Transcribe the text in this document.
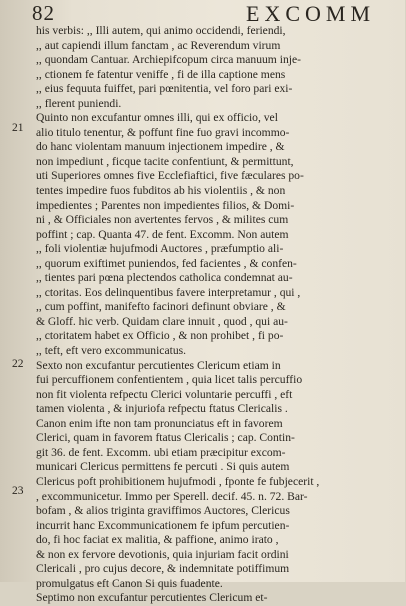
82	EXCOMM
21
22
23
his verbis: ,, Illi autem, qui animo occidendi, feriendi,
,, aut capiendi illum fanctam , ac Reverendum virum
,, quondam Cantuar. Archiepifcopum circa manuum inje-
,, ctionem fe fatentur veniffe , fi de illa captione mens
,, eius fequuta fuiffet, pari pœnitentia, vel foro pari exi-
,, flerent puniendi.
Quinto non excufantur omnes illi, qui ex officio, vel
alio titulo tenentur, & poffunt fine fuo gravi incommo-
do hanc violentam manuum injectionem impedire , &
non impediunt , ficque tacite confentiunt, & permittunt,
uti Superiores omnes five Ecclefiaftici, five fæculares po-
tentes impedire fuos fubditos ab his violentiis , & non
impedientes ; Parentes non impedientes filios, & Domi-
ni , & Officiales non avertentes fervos , & milites cum
poffint ; cap. Quanta 47. de fent. Excomm. Non autem
,, foli violentiæ hujufmodi Auctores , præfumptio ali-
,, quorum exiftimet puniendos, fed facientes , & confen-
,, tientes pari pœna plectendos catholica condemnat au-
,, ctoritas. Eos delinquentibus favere interpretamur , qui ,
,, cum poffint, manifefto facinori definunt obviare , &
& Gloff. hic verb. Quidam clare innuit , quod , qui au-
,, ctoritatem habet ex Officio , & non prohibet , fi po-
,, teft, eft vero excommunicatus.
Sexto non excufantur percutientes Clericum etiam in
fui percuffionem confentientem , quia licet talis percuffio
non fit violenta refpectu Clerici voluntarie percuffi , eft
tamen violenta , & injuriofa refpectu ftatus Clericalis .
Canon enim ifte non tam pronunciatus eft in favorem
Clerici, quam in favorem ftatus Clericalis ; cap. Contin-
git 36. de fent. Excomm. ubi etiam præcipitur excom-
municari Clericus permittens fe percuti . Si quis autem
Clericus poft prohibitionem hujufmodi , fponte fe fubjecerit ,
, excommunicetur. Immo per Sperell. decif. 45. n. 72. Bar-
bofam , & alios triginta graviffimos Auctores, Clericus
incurrit hanc Excommunicationem fe ipfum percutien-
do, fi hoc faciat ex malitia, & paffione, animo irato ,
& non ex fervore devotionis, quia injuriam facit ordini
Clericali , pro cujus decore, & indemnitate potiffimum
promulgatus eft Canon Si quis fuadente.
Septimo non excufantur percutientes Clericum et-
